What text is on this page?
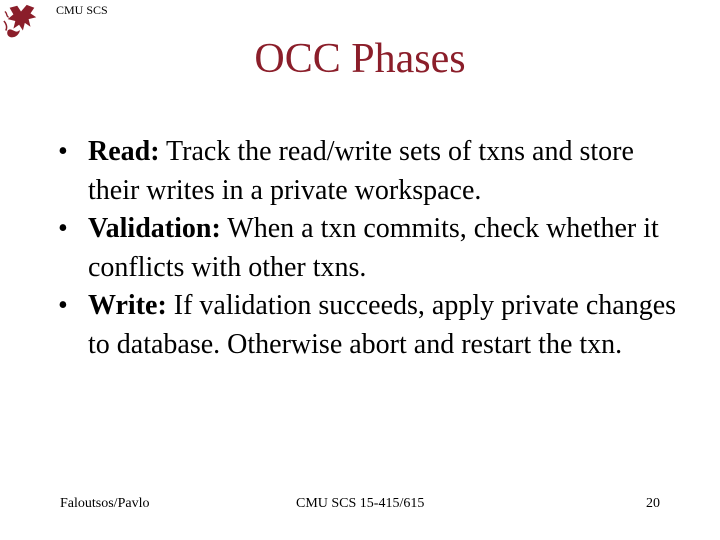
CMU SCS
OCC Phases
• Read: Track the read/write sets of txns and store their writes in a private workspace.
• Validation: When a txn commits, check whether it conflicts with other txns.
• Write: If validation succeeds, apply private changes to database. Otherwise abort and restart the txn.
Faloutsos/Pavlo	CMU SCS 15-415/615	20
